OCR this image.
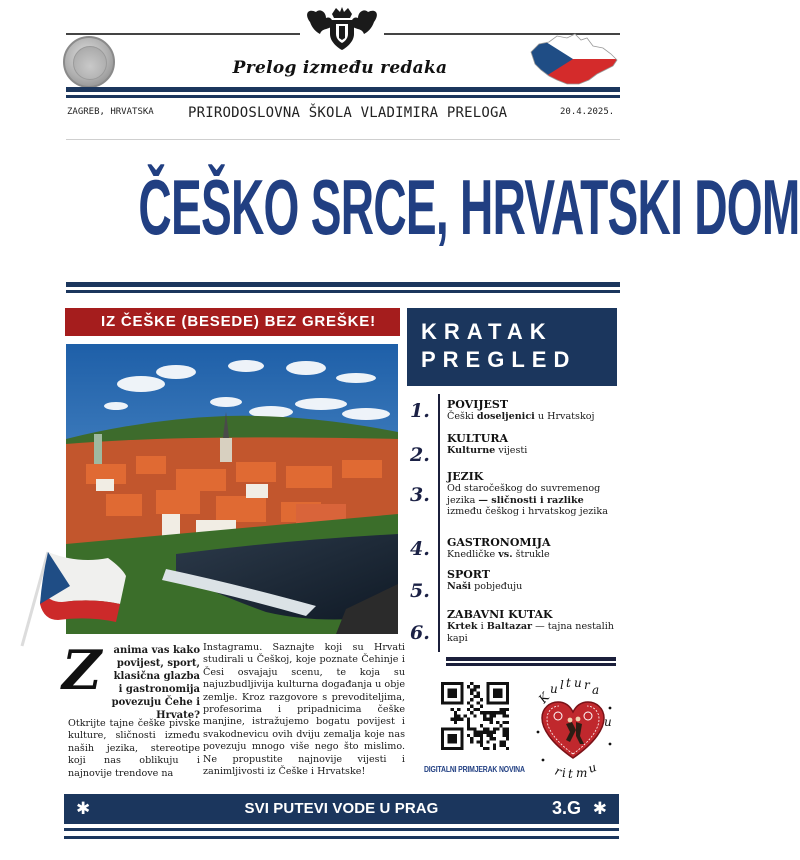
Prelog između redaka
ZAGREB, HRVATSKA PRIRODOSLOVNA ŠKOLA VLADIMIRA PRELOGA	20.4.2025.
ČEŠKO SRCE, HRVATSKI DOM
IZ ČEŠKE (BESEDE) BEZ GREŠKE!
Z	anima vas kako povijest, sport, klasična glazba i gastronomija
povezuju Čehe i Hrvate?
Otkrijte tajne češke pivske kulture, sličnosti između naših jezika, stereotipe koji nas oblikuju i najnovije trendove na
Instagramu. Saznajte koji su Hrvati studirali u Češkoj, koje poznate Čehinje i Česi osvajaju scenu, te koja su najuzbudljivija kulturna događanja u obje zemlje. Kroz razgovore s prevoditeljima, profesorima i pripadnicima češke manjine, istražujemo bogatu povijest i svakodnevicu ovih dviju zemalja koje nas povezuju mnogo više nego što mislimo. Ne propustite najnovije vijesti i zanimljivosti iz Češke i Hrvatske!
KRATAK
PREGLED
1.	POVIJEST
Češki doseljenici u Hrvatskoj
2.
KULTURA
Kulturne vijesti
3.
JEZIK
Od staročeškog do suvremenog jezika — sličnosti i razlike između češkog i hrvatskog jezika
4.	GASTRONOMIJA
Knedličke vs. štrukle
5.
SPORT
Naši pobjeđuju
6.
ZABAVNI KUTAK
Krtek i Baltazar — tajna nestalih kapi
DIGITALNI PRIMJERAK NOVINA
K
u l t u r a
u
r
i t m
u
✱	SVI PUTEVI VODE U PRAG	3.G ✱
